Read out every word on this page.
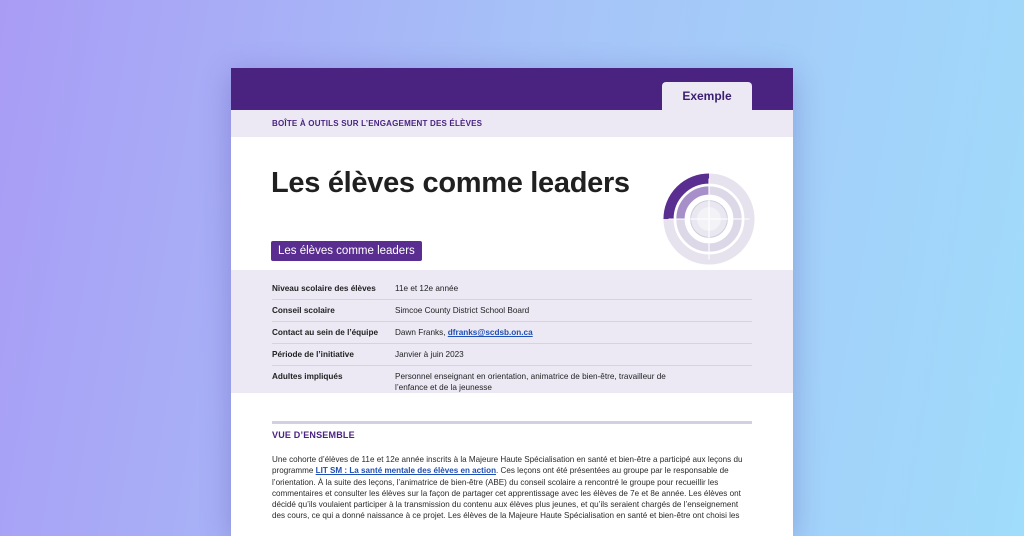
Exemple
BOÎTE À OUTILS SUR L’ENGAGEMENT DES ÉLÈVES
Les élèves comme leaders
Les élèves comme leaders
Niveau scolaire des élèves	11e et 12e année
Conseil scolaire	Simcoe County District School Board
Contact au sein de l’équipe	Dawn Franks, dfranks@scdsb.on.ca
Période de l’initiative	Janvier à juin 2023
Adultes impliqués	Personnel enseignant en orientation, animatrice de bien-être, travailleur de l’enfance et de la jeunesse
VUE D’ENSEMBLE

Une cohorte d’élèves de 11e et 12e année inscrits à la Majeure Haute Spécialisation en santé et bien-être a participé aux leçons du programme LIT SM : La santé mentale des élèves en action. Ces leçons ont été présentées au groupe par le responsable de l’orientation. À la suite des leçons, l’animatrice de bien-être (ABE) du conseil scolaire a rencontré le groupe pour recueillir les commentaires et consulter les élèves sur la façon de partager cet apprentissage avec les élèves de 7e et 8e année. Les élèves ont décidé qu’ils voulaient participer à la transmission du contenu aux élèves plus jeunes, et qu’ils seraient chargés de l’enseignement des cours, ce qui a donné naissance à ce projet. Les élèves de la Majeure Haute Spécialisation en santé et bien-être ont choisi les
